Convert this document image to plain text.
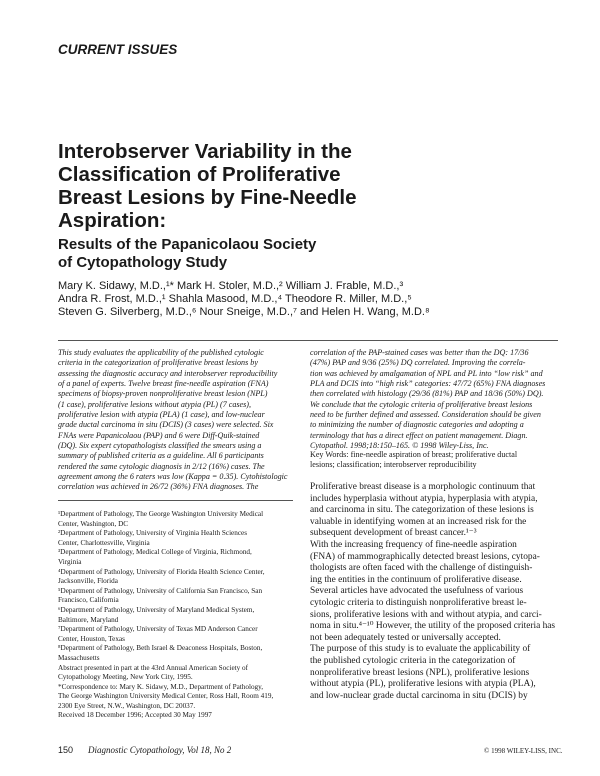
CURRENT ISSUES
Interobserver Variability in the
Classification of Proliferative
Breast Lesions by Fine-Needle
Aspiration:
Results of the Papanicolaou Society
of Cytopathology Study
Mary K. Sidawy, M.D.,¹* Mark H. Stoler, M.D.,² William J. Frable, M.D.,³
Andra R. Frost, M.D.,¹ Shahla Masood, M.D.,⁴ Theodore R. Miller, M.D.,⁵
Steven G. Silverberg, M.D.,⁶ Nour Sneige, M.D.,⁷ and Helen H. Wang, M.D.⁸
This study evaluates the applicability of the published cytologic
criteria in the categorization of proliferative breast lesions by
assessing the diagnostic accuracy and interobserver reproducibility
of a panel of experts. Twelve breast fine-needle aspiration (FNA)
specimens of biopsy-proven nonproliferative breast lesion (NPL)
(1 case), proliferative lesions without atypia (PL) (7 cases),
proliferative lesion with atypia (PLA) (1 case), and low-nuclear
grade ductal carcinoma in situ (DCIS) (3 cases) were selected. Six
FNAs were Papanicolaou (PAP) and 6 were Diff-Quik-stained
(DQ). Six expert cytopathologists classified the smears using a
summary of published criteria as a guideline. All 6 participants
rendered the same cytologic diagnosis in 2/12 (16%) cases. The
agreement among the 6 raters was low (Kappa = 0.35). Cytohistologic
correlation was achieved in 26/72 (36%) FNA diagnoses. The
correlation of the PAP-stained cases was better than the DQ: 17/36
(47%) PAP and 9/36 (25%) DQ correlated. Improving the correla-
tion was achieved by amalgamation of NPL and PL into “low risk” and
PLA and DCIS into “high risk” categories: 47/72 (65%) FNA diagnoses
then correlated with histology (29/36 (81%) PAP and 18/36 (50%) DQ).
We conclude that the cytologic criteria of proliferative breast lesions
need to be further defined and assessed. Consideration should be given
to minimizing the number of diagnostic categories and adopting a
terminology that has a direct effect on patient management. Diagn.
Cytopathol. 1998;18:150–165. © 1998 Wiley-Liss, Inc.
Key Words: fine-needle aspiration of breast; proliferative ductal
lesions; classification; interobserver reproducibility
¹Department of Pathology, The George Washington University Medical
Center, Washington, DC
²Department of Pathology, University of Virginia Health Sciences
Center, Charlottesville, Virginia
³Department of Pathology, Medical College of Virginia, Richmond,
Virginia
⁴Department of Pathology, University of Florida Health Science Center,
Jacksonville, Florida
⁵Department of Pathology, University of California San Francisco, San
Francisco, California
⁶Department of Pathology, University of Maryland Medical System,
Baltimore, Maryland
⁷Department of Pathology, University of Texas MD Anderson Cancer
Center, Houston, Texas
⁸Department of Pathology, Beth Israel & Deaconess Hospitals, Boston,
Massachusetts
Abstract presented in part at the 43rd Annual American Society of
Cytopathology Meeting, New York City, 1995.
*Correspondence to: Mary K. Sidawy, M.D., Department of Pathology,
The George Washington University Medical Center, Ross Hall, Room 419,
2300 Eye Street, N.W., Washington, DC 20037.
Received 18 December 1996; Accepted 30 May 1997
Proliferative breast disease is a morphologic continuum that
includes hyperplasia without atypia, hyperplasia with atypia,
and carcinoma in situ. The categorization of these lesions is
valuable in identifying women at an increased risk for the
subsequent development of breast cancer.¹⁻³
With the increasing frequency of fine-needle aspiration
(FNA) of mammographically detected breast lesions, cytopa-
thologists are often faced with the challenge of distinguish-
ing the entities in the continuum of proliferative disease.
Several articles have advocated the usefulness of various
cytologic criteria to distinguish nonproliferative breast le-
sions, proliferative lesions with and without atypia, and carci-
noma in situ.⁴⁻¹⁰ However, the utility of the proposed criteria has
not been adequately tested or universally accepted.
The purpose of this study is to evaluate the applicability of
the published cytologic criteria in the categorization of
nonproliferative breast lesions (NPL), proliferative lesions
without atypia (PL), proliferative lesions with atypia (PLA),
and low-nuclear grade ductal carcinoma in situ (DCIS) by
150 Diagnostic Cytopathology, Vol 18, No 2	© 1998 WILEY-LISS, INC.
